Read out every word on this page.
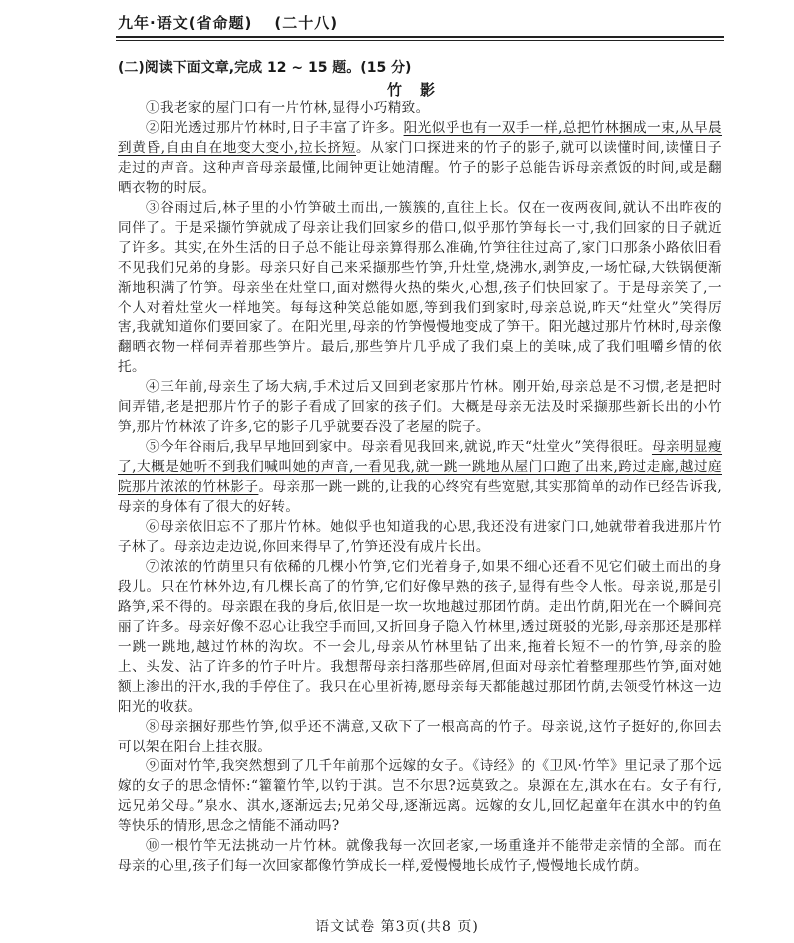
九年·语文(省命题) (二十八)
(二)阅读下面文章,完成 12 ~ 15 题。(15 分)
竹影

①我老家的屋门口有一片竹林,显得小巧精致。

②阳光透过那片竹林时,日子丰富了许多。阳光似乎也有一双手一样,总把竹林捆成一束,从早晨到黄昏,自由自在地变大变小,拉长挤短。从家门口探进来的竹子的影子,就可以读懂时间,读懂日子走过的声音。这种声音母亲最懂,比闹钟更让她清醒。竹子的影子总能告诉母亲煮饭的时间,或是翻晒衣物的时辰。

③谷雨过后,林子里的小竹笋破土而出,一簇簇的,直往上长。仅在一夜两夜间,就认不出昨夜的同伴了。于是采撷竹笋就成了母亲让我们回家乡的借口,似乎那竹笋每长一寸,我们回家的日子就近了许多。其实,在外生活的日子总不能让母亲算得那么准确,竹笋往往过高了,家门口那条小路依旧看不见我们兄弟的身影。母亲只好自己来采撷那些竹笋,升灶堂,烧沸水,剥笋皮,一场忙碌,大铁锅便渐渐地积满了竹笋。母亲坐在灶堂口,面对燃得火热的柴火,心想,孩子们快回家了。于是母亲笑了,一个人对着灶堂火一样地笑。每每这种笑总能如愿,等到我们到家时,母亲总说,昨天“灶堂火”笑得厉害,我就知道你们要回家了。在阳光里,母亲的竹笋慢慢地变成了笋干。阳光越过那片竹林时,母亲像翻晒衣物一样伺弄着那些笋片。最后,那些笋片几乎成了我们桌上的美味,成了我们咀嚼乡情的依托。

④三年前,母亲生了场大病,手术过后又回到老家那片竹林。刚开始,母亲总是不习惯,老是把时间弄错,老是把那片竹子的影子看成了回家的孩子们。大概是母亲无法及时采撷那些新长出的小竹笋,那片竹林浓了许多,它的影子几乎就要吞没了老屋的院子。

⑤今年谷雨后,我早早地回到家中。母亲看见我回来,就说,昨天“灶堂火”笑得很旺。母亲明显瘦了,大概是她听不到我们喊叫她的声音,一看见我,就一跳一跳地从屋门口跑了出来,跨过走廊,越过庭院那片浓浓的竹林影子。母亲那一跳一跳的,让我的心终究有些宽慰,其实那简单的动作已经告诉我,母亲的身体有了很大的好转。

⑥母亲依旧忘不了那片竹林。她似乎也知道我的心思,我还没有进家门口,她就带着我进那片竹子林了。母亲边走边说,你回来得早了,竹笋还没有成片长出。

⑦浓浓的竹荫里只有依稀的几棵小竹笋,它们光着身子,如果不细心还看不见它们破土而出的身段儿。只在竹林外边,有几棵长高了的竹笋,它们好像早熟的孩子,显得有些令人怅。母亲说,那是引路笋,采不得的。母亲跟在我的身后,依旧是一坎一坎地越过那团竹荫。走出竹荫,阳光在一个瞬间亮丽了许多。母亲好像不忍心让我空手而回,又折回身子隐入竹林里,透过斑驳的光影,母亲那还是那样一跳一跳地,越过竹林的沟坎。不一会儿,母亲从竹林里钻了出来,拖着长短不一的竹笋,母亲的脸上、头发、沾了许多的竹子叶片。我想帮母亲扫落那些碎屑,但面对母亲忙着整理那些竹笋,面对她额上渗出的汗水,我的手停住了。我只在心里祈祷,愿母亲每天都能越过那团竹荫,去领受竹林这一边阳光的收获。

⑧母亲捆好那些竹笋,似乎还不满意,又砍下了一根高高的竹子。母亲说,这竹子挺好的,你回去可以架在阳台上挂衣服。

⑨面对竹竿,我突然想到了几千年前那个远嫁的女子。《诗经》的《卫风·竹竿》里记录了那个远嫁的女子的思念情怀:“籊籊竹竿,以钓于淇。岂不尔思?远莫致之。泉源在左,淇水在右。女子有行,远兄弟父母。”泉水、淇水,逐渐远去;兄弟父母,逐渐远离。远嫁的女儿,回忆起童年在淇水中的钓鱼等快乐的情形,思念之情能不涌动吗?

⑩一根竹竿无法挑动一片竹林。就像我每一次回老家,一场重逢并不能带走亲情的全部。而在母亲的心里,孩子们每一次回家都像竹笋成长一样,爱慢慢地长成竹子,慢慢地长成竹荫。

语文试卷 第3页(共8 页)
